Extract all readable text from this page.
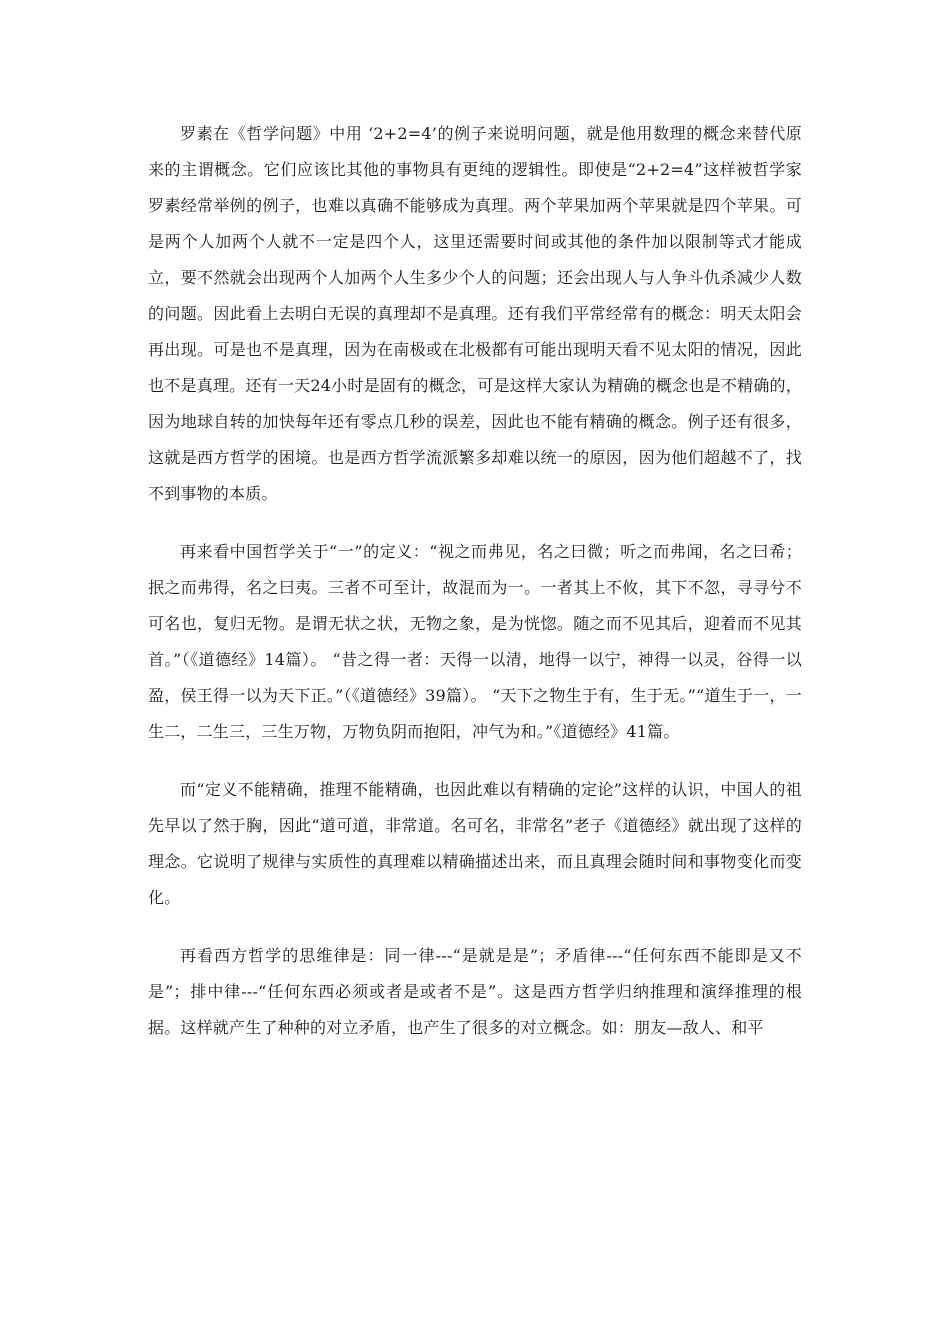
罗素在《哲学问题》中用 ‘2+2=4’的例子来说明问题，就是他用数理的概念来替代原来的主谓概念。它们应该比其他的事物具有更纯的逻辑性。即使是“2+2=4”这样被哲学家罗素经常举例的例子，也难以真确不能够成为真理。两个苹果加两个苹果就是四个苹果。可是两个人加两个人就不一定是四个人，这里还需要时间或其他的条件加以限制等式才能成立，要不然就会出现两个人加两个人生多少个人的问题；还会出现人与人争斗仇杀减少人数的问题。因此看上去明白无误的真理却不是真理。还有我们平常经常有的概念：明天太阳会再出现。可是也不是真理，因为在南极或在北极都有可能出现明天看不见太阳的情况，因此也不是真理。还有一天24小时是固有的概念，可是这样大家认为精确的概念也是不精确的，因为地球自转的加快每年还有零点几秒的误差，因此也不能有精确的概念。例子还有很多，这就是西方哲学的困境。也是西方哲学流派繁多却难以统一的原因，因为他们超越不了，找不到事物的本质。

再来看中国哲学关于“一”的定义：“视之而弗见，名之曰微；听之而弗闻，名之曰希；抿之而弗得，名之曰夷。三者不可至计，故混而为一。一者其上不攸，其下不忽，寻寻兮不可名也，复归无物。是谓无状之状，无物之象，是为恍惚。随之而不见其后，迎着而不见其首。”（《道德经》14篇）。 “昔之得一者：天得一以清，地得一以宁，神得一以灵，谷得一以盈，侯王得一以为天下正。”（《道德经》39篇）。 “天下之物生于有，生于无。”“道生于一，一生二，二生三，三生万物，万物负阴而抱阳，冲气为和。”《道德经》41篇。

而“定义不能精确，推理不能精确，也因此难以有精确的定论”这样的认识，中国人的祖先早以了然于胸，因此“道可道，非常道。名可名，非常名”老子《道德经》就出现了这样的理念。它说明了规律与实质性的真理难以精确描述出来，而且真理会随时间和事物变化而变化。

再看西方哲学的思维律是：同一律---“是就是是”；矛盾律---“任何东西不能即是又不是”；排中律---“任何东西必须或者是或者不是”。这是西方哲学归纳推理和演绎推理的根据。这样就产生了种种的对立矛盾，也产生了很多的对立概念。如：朋友—敌人、和平
